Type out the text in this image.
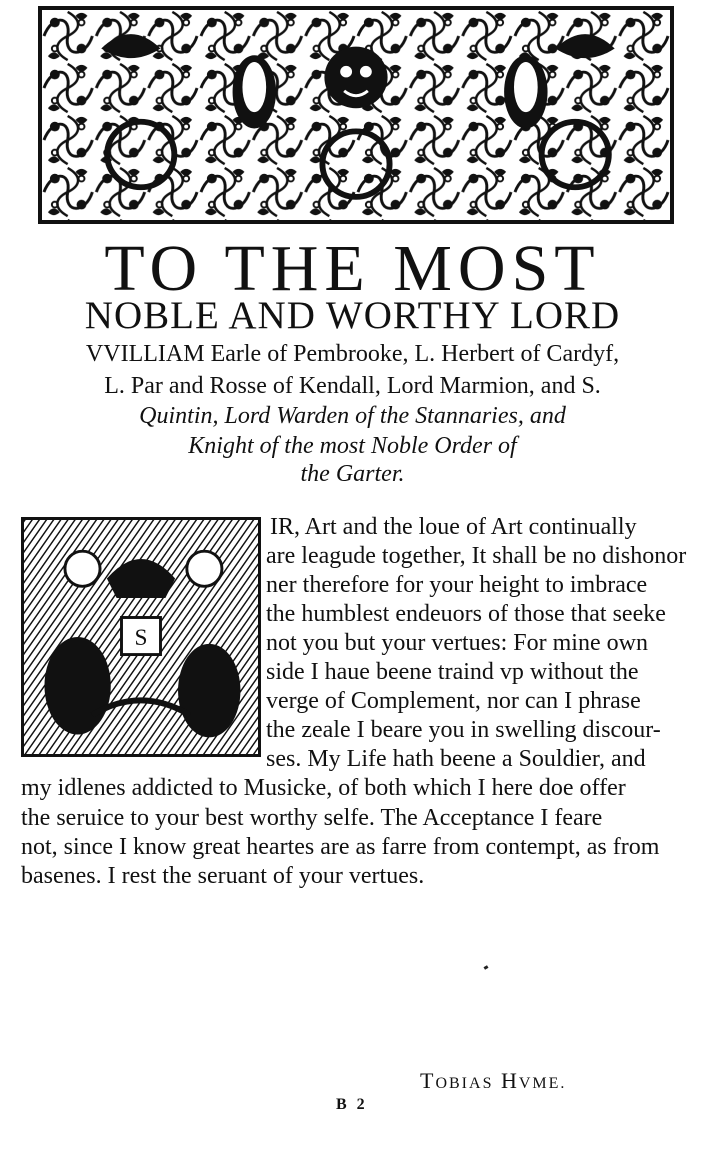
TO THE MOST
NOBLE AND WORTHY LORD
VVILLIAM Earle of Pembrooke, L. Herbert of Cardyf,
L. Par and Rosse of Kendall, Lord Marmion, and S.
Quintin, Lord Warden of the Stannaries, and
Knight of the most Noble Order of
the Garter.
S
IR, Art and the loue of Art continually
are leagude together, It shall be no dishonor
ner therefore for your height to imbrace
the humblest endeuors of those that seeke
not you but your vertues: For mine own
side I haue beene traind vp without the
verge of Complement, nor can I phrase
the zeale I beare you in swelling discour-
ses. My Life hath beene a Souldier, and
my idlenes addicted to Musicke, of both which I here doe offer
the seruice to your best worthy selfe. The Acceptance I feare
not, since I know great heartes are as farre from contempt, as from
basenes. I rest the seruant of your vertues.
TOBIAS HVME.
B 2
